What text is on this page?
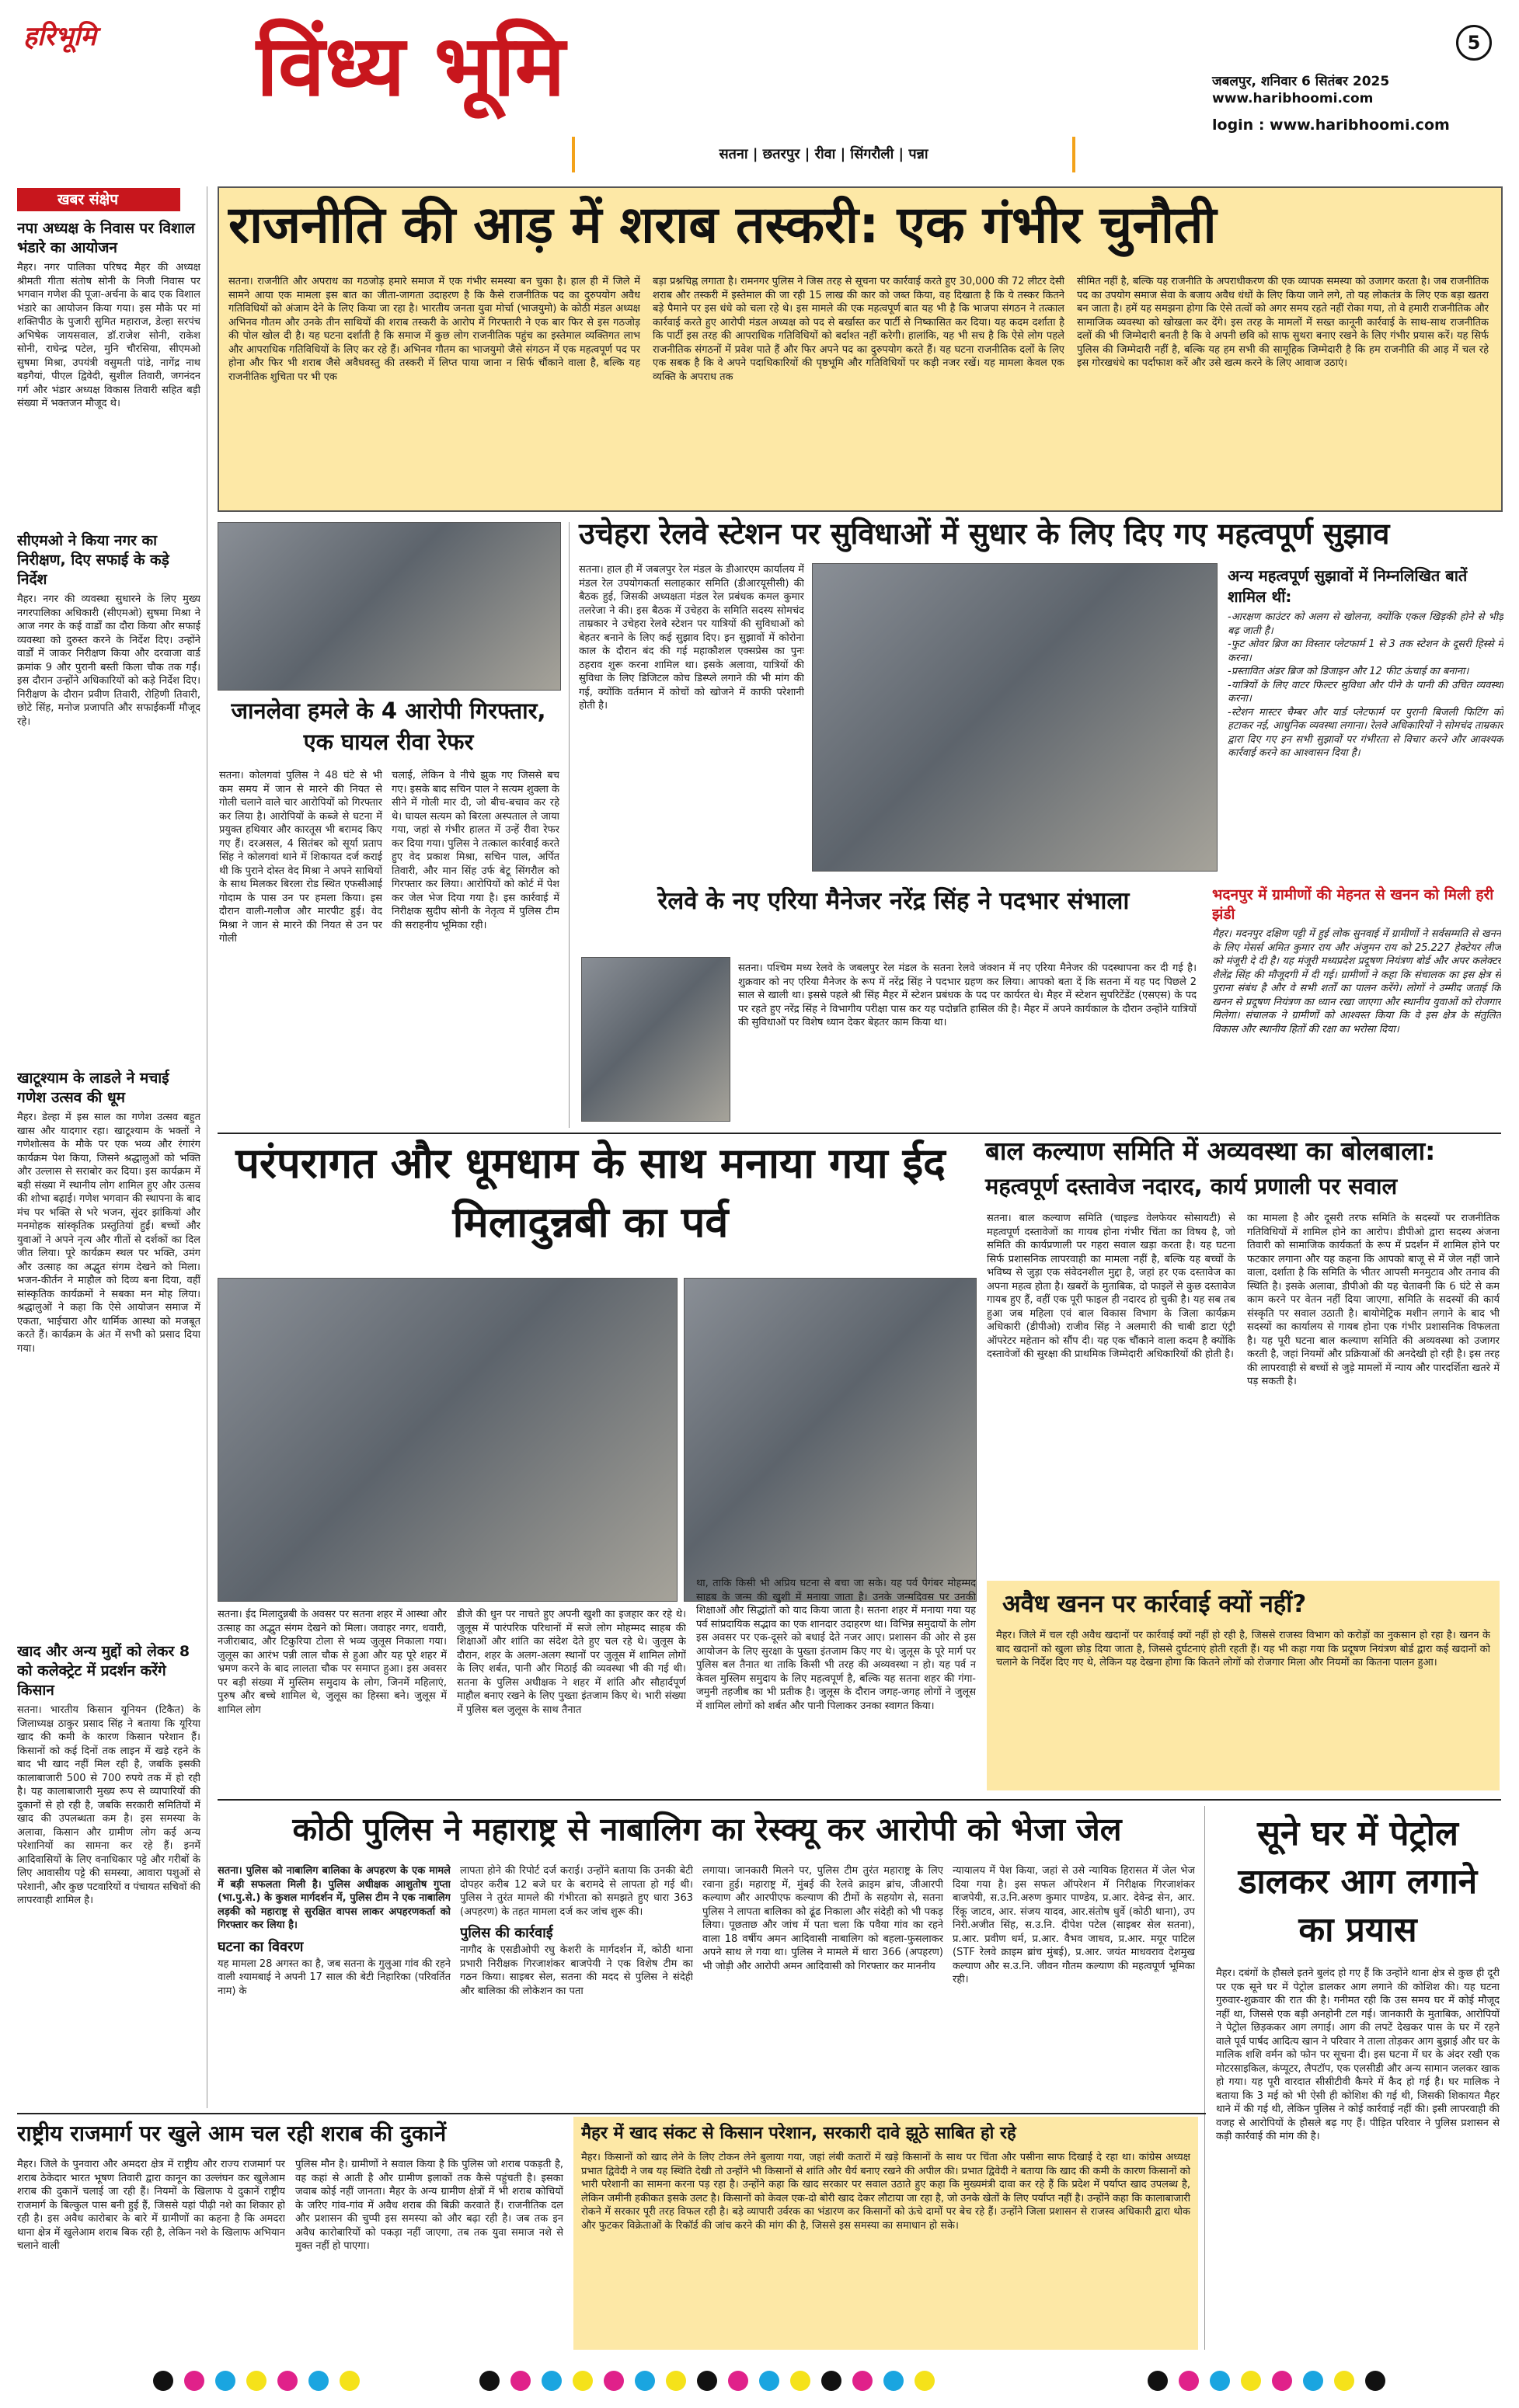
हरिभूमि	विंध्य भूमि	5
जबलपुर, शनिवार 6 सितंबर 2025
www.haribhoomi.com
login : www.haribhoomi.com
सतना | छतरपुर | रीवा | सिंगरौली | पन्ना
खबर संक्षेप
नपा अध्यक्ष के निवास पर विशाल भंडारे का आयोजन
मैहर। नगर पालिका परिषद मैहर की अध्यक्ष श्रीमती गीता संतोष सोनी के निजी निवास पर भगवान गणेश की पूजा-अर्चना के बाद एक विशाल भंडारे का आयोजन किया गया। इस मौके पर मां शक्तिपीठ के पुजारी सुमित महाराज, डेल्हा सरपंच अभिषेक जायसवाल, डॉ.राजेश सोनी, राकेश सोनी, राघेन्द्र पटेल, मुनि चौरसिया, सीएमओ सुषमा मिश्रा, उपयंत्री वसुमती पांडे, नागेंद्र नाथ बड़गैयां, पीएल द्विवेदी, सुशील तिवारी, जगनंदन गर्ग और भंडार अध्यक्ष विकास तिवारी सहित बड़ी संख्या में भक्तजन मौजूद थे।
सीएमओ ने किया नगर का निरीक्षण, दिए सफाई के कड़े निर्देश
मैहर। नगर की व्यवस्था सुधारने के लिए मुख्य नगरपालिका अधिकारी (सीएमओ) सुषमा मिश्रा ने आज नगर के कई वार्डों का दौरा किया और सफाई व्यवस्था को दुरुस्त करने के निर्देश दिए। उन्होंने वार्डों में जाकर निरीक्षण किया और दरवाजा वार्ड क्रमांक 9 और पुरानी बस्ती किला चौक तक गईं। इस दौरान उन्होंने अधिकारियों को कड़े निर्देश दिए। निरीक्षण के दौरान प्रवीण तिवारी, रोहिणी तिवारी, छोटे सिंह, मनोज प्रजापति और सफाईकर्मी मौजूद रहे।
खाटूश्याम के लाडले ने मचाई गणेश उत्सव की धूम
मैहर। डेल्हा में इस साल का गणेश उत्सव बहुत खास और यादगार रहा। खाटूश्याम के भक्तों ने गणेशोत्सव के मौके पर एक भव्य और रंगारंग कार्यक्रम पेश किया, जिसने श्रद्धालुओं को भक्ति और उल्लास से सराबोर कर दिया। इस कार्यक्रम में बड़ी संख्या में स्थानीय लोग शामिल हुए और उत्सव की शोभा बढ़ाई। गणेश भगवान की स्थापना के बाद मंच पर भक्ति से भरे भजन, सुंदर झांकियां और मनमोहक सांस्कृतिक प्रस्तुतियां हुईं। बच्चों और युवाओं ने अपने नृत्य और गीतों से दर्शकों का दिल जीत लिया। पूरे कार्यक्रम स्थल पर भक्ति, उमंग और उत्साह का अद्भुत संगम देखने को मिला। भजन-कीर्तन ने माहौल को दिव्य बना दिया, वहीं सांस्कृतिक कार्यक्रमों ने सबका मन मोह लिया। श्रद्धालुओं ने कहा कि ऐसे आयोजन समाज में एकता, भाईचारा और धार्मिक आस्था को मजबूत करते हैं। कार्यक्रम के अंत में सभी को प्रसाद दिया गया।
खाद और अन्य मुद्दों को लेकर 8 को कलेक्ट्रेट में प्रदर्शन करेंगे किसान
सतना। भारतीय किसान यूनियन (टिकैत) के जिलाध्यक्ष ठाकुर प्रसाद सिंह ने बताया कि यूरिया खाद की कमी के कारण किसान परेशान हैं। किसानों को कई दिनों तक लाइन में खड़े रहने के बाद भी खाद नहीं मिल रही है, जबकि इसकी कालाबाजारी 500 से 700 रुपये तक में हो रही है। यह कालाबाजारी मुख्य रूप से व्यापारियों की दुकानों से हो रही है, जबकि सरकारी समितियों में खाद की उपलब्धता कम है। इस समस्या के अलावा, किसान और ग्रामीण लोग कई अन्य परेशानियों का सामना कर रहे हैं। इनमें आदिवासियों के लिए वनाधिकार पट्टे और गरीबों के लिए आवासीय पट्टे की समस्या, आवारा पशुओं से परेशानी, और कुछ पटवारियों व पंचायत सचिवों की लापरवाही शामिल है।
राजनीति की आड़ में शराब तस्करी: एक गंभीर चुनौती
सतना। राजनीति और अपराध का गठजोड़ हमारे समाज में एक गंभीर समस्या बन चुका है। हाल ही में जिले में सामने आया एक मामला इस बात का जीता-जागता उदाहरण है कि कैसे राजनीतिक पद का दुरुपयोग अवैध गतिविधियों को अंजाम देने के लिए किया जा रहा है। भारतीय जनता युवा मोर्चा (भाजयुमो) के कोठी मंडल अध्यक्ष अभिनव गौतम और उनके तीन साथियों की शराब तस्करी के आरोप में गिरफ्तारी ने एक बार फिर से इस गठजोड़ की पोल खोल दी है। यह घटना दर्शाती है कि समाज में कुछ लोग राजनीतिक पहुंच का इस्तेमाल व्यक्तिगत लाभ और आपराधिक गतिविधियों के लिए कर रहे हैं। अभिनव गौतम का भाजयुमो जैसे संगठन में एक महत्वपूर्ण पद पर होना और फिर भी शराब जैसे अवैधवस्तु की तस्करी में लिप्त पाया जाना न सिर्फ चौंकाने वाला है, बल्कि यह राजनीतिक शुचिता पर भी एक
बड़ा प्रश्नचिह्न लगाता है। रामनगर पुलिस ने जिस तरह से सूचना पर कार्रवाई करते हुए 30,000 की 72 लीटर देसी शराब और तस्करी में इस्तेमाल की जा रही 15 लाख की कार को जब्त किया, वह दिखाता है कि ये तस्कर कितने बड़े पैमाने पर इस धंधे को चला रहे थे। इस मामले की एक महत्वपूर्ण बात यह भी है कि भाजपा संगठन ने तत्काल कार्रवाई करते हुए आरोपी मंडल अध्यक्ष को पद से बर्खास्त कर पार्टी से निष्कासित कर दिया। यह कदम दर्शाता है कि पार्टी इस तरह की आपराधिक गतिविधियों को बर्दाश्त नहीं करेगी। हालांकि, यह भी सच है कि ऐसे लोग पहले राजनीतिक संगठनों में प्रवेश पाते हैं और फिर अपने पद का दुरुपयोग करते हैं। यह घटना राजनीतिक दलों के लिए एक सबक है कि वे अपने पदाधिकारियों की पृष्ठभूमि और गतिविधियों पर कड़ी नजर रखें। यह मामला केवल एक व्यक्ति के अपराध तक
सीमित नहीं है, बल्कि यह राजनीति के अपराधीकरण की एक व्यापक समस्या को उजागर करता है। जब राजनीतिक पद का उपयोग समाज सेवा के बजाय अवैध धंधों के लिए किया जाने लगे, तो यह लोकतंत्र के लिए एक बड़ा खतरा बन जाता है। हमें यह समझना होगा कि ऐसे तत्वों को अगर समय रहते नहीं रोका गया, तो वे हमारी राजनीतिक और सामाजिक व्यवस्था को खोखला कर देंगे। इस तरह के मामलों में सख्त कानूनी कार्रवाई के साथ-साथ राजनीतिक दलों की भी जिम्मेदारी बनती है कि वे अपनी छवि को साफ सुथरा बनाए रखने के लिए गंभीर प्रयास करें। यह सिर्फ पुलिस की जिम्मेदारी नहीं है, बल्कि यह हम सभी की सामूहिक जिम्मेदारी है कि हम राजनीति की आड़ में चल रहे इस गोरखधंधे का पर्दाफाश करें और उसे खत्म करने के लिए आवाज उठाएं।
जानलेवा हमले के 4 आरोपी गिरफ्तार, एक घायल रीवा रेफर
सतना। कोलगवां पुलिस ने 48 घंटे से भी कम समय में जान से मारने की नियत से गोली चलाने वाले चार आरोपियों को गिरफ्तार कर लिया है। आरोपियों के कब्जे से घटना में प्रयुक्त हथियार और कारतूस भी बरामद किए गए हैं। दरअसल, 4 सितंबर को सूर्या प्रताप सिंह ने कोलगवां थाने में शिकायत दर्ज कराई थी कि पुराने दोस्त वेद मिश्रा ने अपने साथियों के साथ मिलकर बिरला रोड स्थित एफसीआई गोदाम के पास उन पर हमला किया। इस दौरान वाली-गलौज और मारपीट हुई। वेद मिश्रा ने जान से मारने की नियत से उन पर गोली
चलाई, लेकिन वे नीचे झुक गए जिससे बच गए। इसके बाद सचिन पाल ने सत्यम शुक्ला के सीने में गोली मार दी, जो बीच-बचाव कर रहे थे। घायल सत्यम को बिरला अस्पताल ले जाया गया, जहां से गंभीर हालत में उन्हें रीवा रेफर कर दिया गया। पुलिस ने तत्काल कार्रवाई करते हुए वेद प्रकाश मिश्रा, सचिन पाल, अर्पित तिवारी, और मान सिंह उर्फ बेटू सिंगरौल को गिरफ्तार कर लिया। आरोपियों को कोर्ट में पेश कर जेल भेज दिया गया है। इस कार्रवाई में निरीक्षक सुदीप सोनी के नेतृत्व में पुलिस टीम की सराहनीय भूमिका रही।
उचेहरा रेलवे स्टेशन पर सुविधाओं में सुधार के लिए दिए गए महत्वपूर्ण सुझाव
सतना। हाल ही में जबलपुर रेल मंडल के डीआरएम कार्यालय में मंडल रेल उपयोगकर्ता सलाहकार समिति (डीआरयूसीसी) की बैठक हुई, जिसकी अध्यक्षता मंडल रेल प्रबंधक कमल कुमार तलरेजा ने की। इस बैठक में उचेहरा के समिति सदस्य सोमचंद ताम्रकार ने उचेहरा रेलवे स्टेशन पर यात्रियों की सुविधाओं को बेहतर बनाने के लिए कई सुझाव दिए। इन सुझावों में कोरोना काल के दौरान बंद की गई महाकौशल एक्सप्रेस का पुनः ठहराव शुरू करना शामिल था। इसके अलावा, यात्रियों की सुविधा के लिए डिजिटल कोच डिस्प्ले लगाने की भी मांग की गई, क्योंकि वर्तमान में कोचों को खोजने में काफी परेशानी होती है।
अन्य महत्वपूर्ण सुझावों में निम्नलिखित बातें शामिल थीं:
-आरक्षण काउंटर को अलग से खोलना, क्योंकि एकल खिड़की होने से भीड़ बढ़ जाती है।
-फुट ओवर ब्रिज का विस्तार प्लेटफार्म 1 से 3 तक स्टेशन के दूसरी हिस्से में करना।
-प्रस्तावित अंडर ब्रिज को डिजाइन और 12 फीट ऊंचाई का बनाना।
-यात्रियों के लिए वाटर फिल्टर सुविधा और पीने के पानी की उचित व्यवस्था करना।
-स्टेशन मास्टर चैम्बर और यार्ड प्लेटफार्म पर पुरानी बिजली फिटिंग को हटाकर नई, आधुनिक व्यवस्था लगाना। रेलवे अधिकारियों ने सोमचंद ताम्रकार द्वारा दिए गए इन सभी सुझावों पर गंभीरता से विचार करने और आवश्यक कार्रवाई करने का आश्वासन दिया है।
रेलवे के नए एरिया मैनेजर नरेंद्र सिंह ने पदभार संभाला
सतना। पश्चिम मध्य रेलवे के जबलपुर रेल मंडल के सतना रेलवे जंक्शन में नए एरिया मैनेजर की पदस्थापना कर दी गई है। शुक्रवार को नए एरिया मैनेजर के रूप में नरेंद्र सिंह ने पदभार ग्रहण कर लिया। आपको बता दें कि सतना में यह पद पिछले 2 साल से खाली था। इससे पहले श्री सिंह मैहर में स्टेशन प्रबंधक के पद पर कार्यरत थे। मैहर में स्टेशन सुपरिटेंडेंट (एसएस) के पद पर रहते हुए नरेंद्र सिंह ने विभागीय परीक्षा पास कर यह पदोन्नति हासिल की है। मैहर में अपने कार्यकाल के दौरान उन्होंने यात्रियों की सुविधाओं पर विशेष ध्यान देकर बेहतर काम किया था।
भदनपुर में ग्रामीणों की मेहनत से खनन को मिली हरी झंडी
मैहर। मदनपुर दक्षिण पट्टी में हुई लोक सुनवाई में ग्रामीणों ने सर्वसम्मति से खनन के लिए मेसर्स अमित कुमार राय और अंजुमन राय को 25.227 हेक्टेयर लीज को मंजूरी दे दी है। यह मंजूरी मध्यप्रदेश प्रदूषण नियंत्रण बोर्ड और अपर कलेक्टर शैलेंद्र सिंह की मौजूदगी में दी गई। ग्रामीणों ने कहा कि संचालक का इस क्षेत्र से पुराना संबंध है और वे सभी शर्तों का पालन करेंगे। लोगों ने उम्मीद जताई कि खनन से प्रदूषण नियंत्रण का ध्यान रखा जाएगा और स्थानीय युवाओं को रोजगार मिलेगा। संचालक ने ग्रामीणों को आश्वस्त किया कि वे इस क्षेत्र के संतुलित विकास और स्थानीय हितों की रक्षा का भरोसा दिया।
परंपरागत और धूमधाम के साथ मनाया गया ईद मिलादुन्नबी का पर्व
सतना। ईद मिलादुन्नबी के अवसर पर सतना शहर में आस्था और उत्साह का अद्भुत संगम देखने को मिला। जवाहर नगर, धवारी, नजीराबाद, और टिकुरिया टोला से भव्य जुलूस निकाला गया। जुलूस का आरंभ पन्नी लाल चौक से हुआ और यह पूरे शहर में भ्रमण करने के बाद लालता चौक पर समाप्त हुआ। इस अवसर पर बड़ी संख्या में मुस्लिम समुदाय के लोग, जिनमें महिलाएं, पुरुष और बच्चे शामिल थे, जुलूस का हिस्सा बने। जुलूस में शामिल लोग
डीजे की धुन पर नाचते हुए अपनी खुशी का इजहार कर रहे थे। जुलूस में पारंपरिक परिधानों में सजे लोग मोहम्मद साहब की शिक्षाओं और शांति का संदेश देते हुए चल रहे थे। जुलूस के दौरान, शहर के अलग-अलग स्थानों पर जुलूस में शामिल लोगों के लिए शर्बत, पानी और मिठाई की व्यवस्था भी की गई थी। सतना के पुलिस अधीक्षक ने शहर में शांति और सौहार्दपूर्ण माहौल बनाए रखने के लिए पुख्ता इंतजाम किए थे। भारी संख्या में पुलिस बल जुलूस के साथ तैनात
था, ताकि किसी भी अप्रिय घटना से बचा जा सके। यह पर्व पैगंबर मोहम्मद साहब के जन्म की खुशी में मनाया जाता है। उनके जन्मदिवस पर उनकी शिक्षाओं और सिद्धांतों को याद किया जाता है। सतना शहर में मनाया गया यह पर्व सांप्रदायिक सद्भाव का एक शानदार उदाहरण था। विभिन्न समुदायों के लोग इस अवसर पर एक-दूसरे को बधाई देते नजर आए। प्रशासन की ओर से इस आयोजन के लिए सुरक्षा के पुख्ता इंतजाम किए गए थे। जुलूस के पूरे मार्ग पर पुलिस बल तैनात था ताकि किसी भी तरह की अव्यवस्था न हो। यह पर्व न केवल मुस्लिम समुदाय के लिए महत्वपूर्ण है, बल्कि यह सतना शहर की गंगा-जमुनी तहजीब का भी प्रतीक है। जुलूस के दौरान जगह-जगह लोगों ने जुलूस में शामिल लोगों को शर्बत और पानी पिलाकर उनका स्वागत किया।
बाल कल्याण समिति में अव्यवस्था का बोलबाला:
महत्वपूर्ण दस्तावेज नदारद, कार्य प्रणाली पर सवाल
सतना। बाल कल्याण समिति (चाइल्ड वेलफेयर सोसायटी) से महत्वपूर्ण दस्तावेजों का गायब होना गंभीर चिंता का विषय है, जो समिति की कार्यप्रणाली पर गहरा सवाल खड़ा करता है। यह घटना सिर्फ प्रशासनिक लापरवाही का मामला नहीं है, बल्कि यह बच्चों के भविष्य से जुड़ा एक संवेदनशील मुद्दा है, जहां हर एक दस्तावेज का अपना महत्व होता है। खबरों के मुताबिक, दो फाइलें से कुछ दस्तावेज गायब हुए हैं, वहीं एक पूरी फाइल ही नदारद हो चुकी है। यह सब तब हुआ जब महिला एवं बाल विकास विभाग के जिला कार्यक्रम अधिकारी (डीपीओ) राजीव सिंह ने अलमारी की चाबी डाटा एंट्री ऑपरेटर महेतान को सौंप दी। यह एक चौंकाने वाला कदम है क्योंकि दस्तावेजों की सुरक्षा की प्राथमिक जिम्मेदारी अधिकारियों की होती है।
का मामला है और दूसरी तरफ समिति के सदस्यों पर राजनीतिक गतिविधियों में शामिल होने का आरोप। डीपीओ द्वारा सदस्य अंजना तिवारी को सामाजिक कार्यकर्ता के रूप में प्रदर्शन में शामिल होने पर फटकार लगाना और यह कहना कि आपको बाजू से में जेल नहीं जाने वाला, दर्शाता है कि समिति के भीतर आपसी मनमुटाव और तनाव की स्थिति है। इसके अलावा, डीपीओ की यह चेतावनी कि 6 घंटे से कम काम करने पर वेतन नहीं दिया जाएगा, समिति के सदस्यों की कार्य संस्कृति पर सवाल उठाती है। बायोमेट्रिक मशीन लगाने के बाद भी सदस्यों का कार्यालय से गायब होना एक गंभीर प्रशासनिक विफलता है। यह पूरी घटना बाल कल्याण समिति की अव्यवस्था को उजागर करती है, जहां नियमों और प्रक्रियाओं की अनदेखी हो रही है। इस तरह की लापरवाही से बच्चों से जुड़े मामलों में न्याय और पारदर्शिता खतरे में पड़ सकती है।
अवैध खनन पर कार्रवाई क्यों नहीं?
मैहर। जिले में चल रही अवैध खदानों पर कार्रवाई क्यों नहीं हो रही है, जिससे राजस्व विभाग को करोड़ों का नुकसान हो रहा है। खनन के बाद खदानों को खुला छोड़ दिया जाता है, जिससे दुर्घटनाएं होती रहती हैं। यह भी कहा गया कि प्रदूषण नियंत्रण बोर्ड द्वारा कई खदानों को चलाने के निर्देश दिए गए थे, लेकिन यह देखना होगा कि कितने लोगों को रोजगार मिला और नियमों का कितना पालन हुआ।
कोठी पुलिस ने महाराष्ट्र से नाबालिग का रेस्क्यू कर आरोपी को भेजा जेल
सतना। पुलिस को नाबालिग बालिका के अपहरण के एक मामले में बड़ी सफलता मिली है। पुलिस अधीक्षक आशुतोष गुप्ता (भा.पु.से.) के कुशल मार्गदर्शन में, पुलिस टीम ने एक नाबालिग लड़की को महाराष्ट्र से सुरक्षित वापस लाकर अपहरणकर्ता को गिरफ्तार कर लिया है।
घटना का विवरण
यह मामला 28 अगस्त का है, जब सतना के गुलुआ गांव की रहने वाली श्यामबाई ने अपनी 17 साल की बेटी निहारिका (परिवर्तित नाम) के
लापता होने की रिपोर्ट दर्ज कराई। उन्होंने बताया कि उनकी बेटी दोपहर करीब 12 बजे घर के बरामदे से लापता हो गई थी। पुलिस ने तुरंत मामले की गंभीरता को समझते हुए धारा 363 (अपहरण) के तहत मामला दर्ज कर जांच शुरू की।
पुलिस की कार्रवाई
नागौद के एसडीओपी रघु केशरी के मार्गदर्शन में, कोठी थाना प्रभारी निरीक्षक गिरजाशंकर बाजपेयी ने एक विशेष टीम का गठन किया। साइबर सेल, सतना की मदद से पुलिस ने संदेही और बालिका की लोकेशन का पता
लगाया। जानकारी मिलने पर, पुलिस टीम तुरंत महाराष्ट्र के लिए रवाना हुई। महाराष्ट्र में, मुंबई की रेलवे क्राइम ब्रांच, जीआरपी कल्याण और आरपीएफ कल्याण की टीमों के सहयोग से, सतना पुलिस ने लापता बालिका को ढूंढ निकाला और संदेही को भी पकड़ लिया। पूछताछ और जांच में पता चला कि पवैया गांव का रहने वाला 18 वर्षीय अमन आदिवासी नाबालिग को बहला-फुसलाकर अपने साथ ले गया था। पुलिस ने मामले में धारा 366 (अपहरण) भी जोड़ी और आरोपी अमन आदिवासी को गिरफ्तार कर माननीय
न्यायालय में पेश किया, जहां से उसे न्यायिक हिरासत में जेल भेज दिया गया है। इस सफल ऑपरेशन में निरीक्षक गिरजाशंकर बाजपेयी, स.उ.नि.अरुण कुमार पाण्डेय, प्र.आर. देवेन्द्र सेन, आर. रिंकू जाटव, आर. संजय यादव, आर.संतोष धुर्वे (कोठी थाना), उप निरी.अजीत सिंह, स.उ.नि. दीपेश पटेल (साइबर सेल सतना), प्र.आर. प्रवीण धर्म, प्र.आर. वैभव जाधव, प्र.आर. मयूर पाटिल (STF रेलवे क्राइम ब्रांच मुंबई), प्र.आर. जयंत माधवराव देशमुख कल्याण और स.उ.नि. जीवन गौतम कल्याण की महत्वपूर्ण भूमिका रही।
सूने घर में पेट्रोल डालकर आग लगाने का प्रयास
मैहर। दबंगों के हौसले इतने बुलंद हो गए हैं कि उन्होंने थाना क्षेत्र से कुछ ही दूरी पर एक सूने घर में पेट्रोल डालकर आग लगाने की कोशिश की। यह घटना गुरुवार-शुक्रवार की रात की है। गनीमत रही कि उस समय घर में कोई मौजूद नहीं था, जिससे एक बड़ी अनहोनी टल गई। जानकारी के मुताबिक, आरोपियों ने पेट्रोल छिड़ककर आग लगाई। आग की लपटें देखकर पास के घर में रहने वाले पूर्व पार्षद आदित्य खान ने परिवार ने ताला तोड़कर आग बुझाई और घर के मालिक शशि वर्मन को फोन पर सूचना दी। इस घटना में घर के अंदर रखी एक मोटरसाइकिल, कंप्यूटर, लैपटॉप, एक एलसीडी और अन्य सामान जलकर खाक हो गया। यह पूरी वारदात सीसीटीवी कैमरे में कैद हो गई है। घर मालिक ने बताया कि 3 मई को भी ऐसी ही कोशिश की गई थी, जिसकी शिकायत मैहर थाने में की गई थी, लेकिन पुलिस ने कोई कार्रवाई नहीं की। इसी लापरवाही की वजह से आरोपियों के हौसले बढ़ गए हैं। पीड़ित परिवार ने पुलिस प्रशासन से कड़ी कार्रवाई की मांग की है।
राष्ट्रीय राजमार्ग पर खुले आम चल रही शराब की दुकानें
मैहर। जिले के पुनवारा और अमदरा क्षेत्र में राष्ट्रीय और राज्य राजमार्ग पर शराब ठेकेदार भारत भूषण तिवारी द्वारा कानून का उल्लंघन कर खुलेआम शराब की दुकानें चलाई जा रही हैं। नियमों के खिलाफ ये दुकानें राष्ट्रीय राजमार्ग के बिल्कुल पास बनी हुई हैं, जिससे यहां पीढ़ी नशे का शिकार हो रही है। इस अवैध कारोबार के बारे में ग्रामीणों का कहना है कि अमदरा थाना क्षेत्र में खुलेआम शराब बिक रही है, लेकिन नशे के खिलाफ अभियान चलाने वाली
पुलिस मौन है। ग्रामीणों ने सवाल किया है कि पुलिस जो शराब पकड़ती है, वह कहां से आती है और ग्रामीण इलाकों तक कैसे पहुंचती है। इसका जवाब कोई नहीं जानता। मैहर के अन्य ग्रामीण क्षेत्रों में भी शराब कोचियों के जरिए गांव-गांव में अवैध शराब की बिक्री करवाते हैं। राजनीतिक दल और प्रशासन की चुप्पी इस समस्या को और बढ़ा रही है। जब तक इन अवैध कारोबारियों को पकड़ा नहीं जाएगा, तब तक युवा समाज नशे से मुक्त नहीं हो पाएगा।
मैहर में खाद संकट से किसान परेशान, सरकारी दावे झूठे साबित हो रहे
मैहर। किसानों को खाद लेने के लिए टोकन लेने बुलाया गया, जहां लंबी कतारों में खड़े किसानों के साथ पर चिंता और पसीना साफ दिखाई दे रहा था। कांग्रेस अध्यक्ष प्रभात द्विवेदी ने जब यह स्थिति देखी तो उन्होंने भी किसानों से शांति और धैर्य बनाए रखने की अपील की। प्रभात द्विवेदी ने बताया कि खाद की कमी के कारण किसानों को भारी परेशानी का सामना करना पड़ रहा है। उन्होंने कहा कि खाद सरकार पर सवाल उठाते हुए कहा कि मुख्यमंत्री दावा कर रहे हैं कि प्रदेश में पर्याप्त खाद उपलब्ध है, लेकिन जमीनी हकीकत इसके उलट है। किसानों को केवल एक-दो बोरी खाद देकर लौटाया जा रहा है, जो उनके खेतों के लिए पर्याप्त नहीं है। उन्होंने कहा कि कालाबाजारी रोकने में सरकार पूरी तरह विफल रही है। बड़े व्यापारी उर्वरक का भंडारण कर किसानों को ऊंचे दामों पर बेच रहे हैं। उन्होंने जिला प्रशासन से राजस्व अधिकारी द्वारा थोक और फुटकर विक्रेताओं के रिकॉर्ड की जांच करने की मांग की है, जिससे इस समस्या का समाधान हो सके।
